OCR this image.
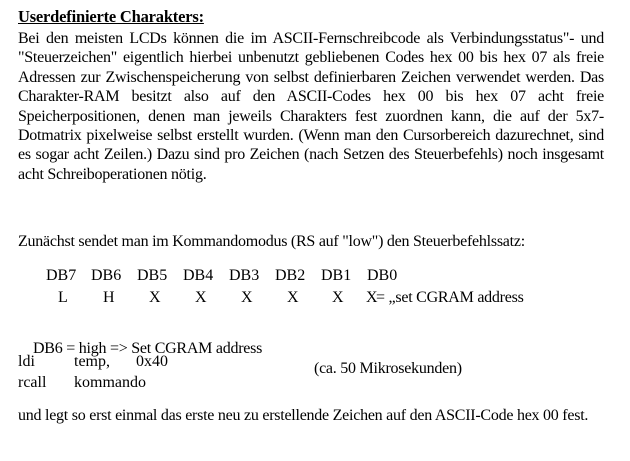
Userdefinierte Charakters:
Bei den meisten LCDs können die im ASCII-Fernschreibcode als Verbindungsstatus"- und "Steuerzeichen" eigentlich hierbei unbenutzt gebliebenen Codes hex 00 bis hex 07 als freie Adressen zur Zwischenspeicherung von selbst definierbaren Zeichen verwendet werden. Das Charakter-RAM besitzt also auf den ASCII-Codes hex 00 bis hex 07 acht freie Speicherpositionen, denen man jeweils Charakters fest zuordnen kann, die auf der 5x7-Dotmatrix pixelweise selbst erstellt wurden. (Wenn man den Cursorbereich dazurechnet, sind es sogar acht Zeilen.) Dazu sind pro Zeichen (nach Setzen des Steuerbefehls) noch insgesamt acht Schreiboperationen nötig.
Zunächst sendet man im Kommandomodus (RS auf "low") den Steuerbefehlssatz:
DB7 DB6 DB5 DB4 DB3 DB2 DB1 DB0
L H X X X X X X
= „set CGRAM address

DB6 = high => Set CGRAM address

(ca. 50 Mikrosekunden)

ldi temp, 0x40
rcall kommando
und legt so erst einmal das erste neu zu erstellende Zeichen auf den ASCII-Code hex 00 fest.
